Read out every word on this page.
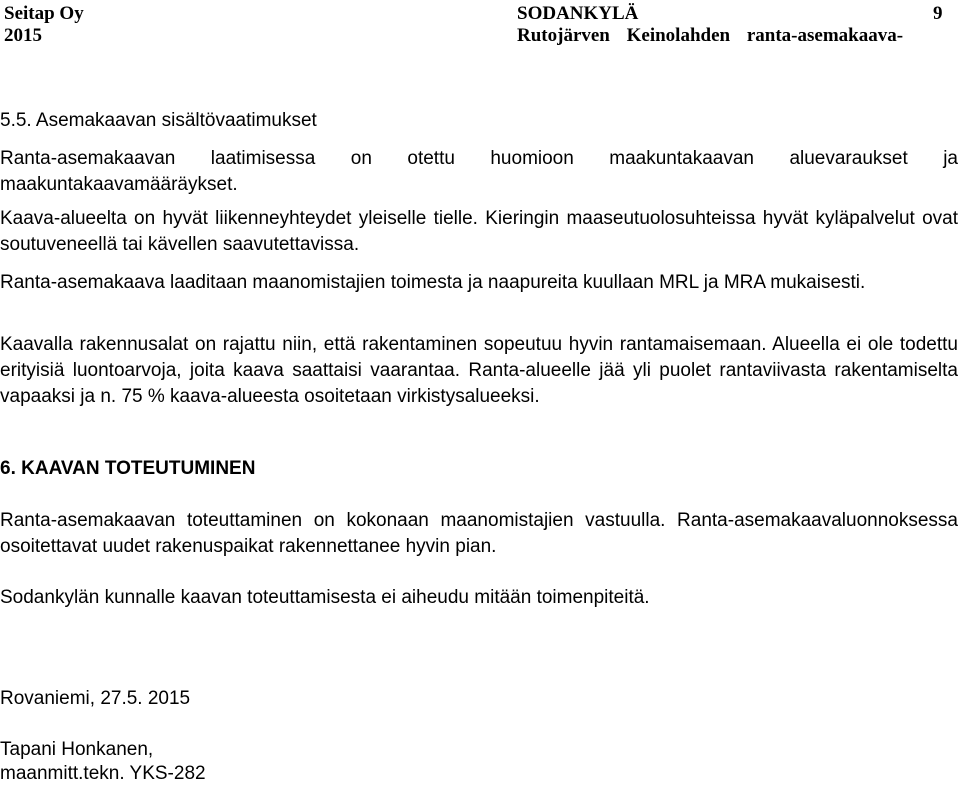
Seitap Oy
2015
SODANKYLÄ
Rutojärven Keinolahden ranta-asemakaava-
9
5.5. Asemakaavan sisältövaatimukset

Ranta-asemakaavan laatimisessa on otettu huomioon maakuntakaavan aluevaraukset ja maakuntakaavamääräykset.

Kaava-alueelta on hyvät liikenneyhteydet yleiselle tielle. Kieringin maaseutuolosuhteissa hyvät kyläpalvelut ovat soutuveneellä tai kävellen saavutettavissa.

Ranta-asemakaava laaditaan maanomistajien toimesta ja naapureita kuullaan MRL ja MRA mukaisesti.

Kaavalla rakennusalat on rajattu niin, että rakentaminen sopeutuu hyvin rantamaisemaan. Alueella ei ole todettu erityisiä luontoarvoja, joita kaava saattaisi vaarantaa. Ranta-alueelle jää yli puolet rantaviivasta rakentamiselta vapaaksi ja n. 75 % kaava-alueesta osoitetaan virkistysalueeksi.

6. KAAVAN TOTEUTUMINEN

Ranta-asemakaavan toteuttaminen on kokonaan maanomistajien vastuulla. Ranta-asemakaavaluonnoksessa osoitettavat uudet rakenuspaikat rakennettanee hyvin pian.

Sodankylän kunnalle kaavan toteuttamisesta ei aiheudu mitään toimenpiteitä.

Rovaniemi, 27.5. 2015
Tapani Honkanen,
maanmitt.tekn. YKS-282
